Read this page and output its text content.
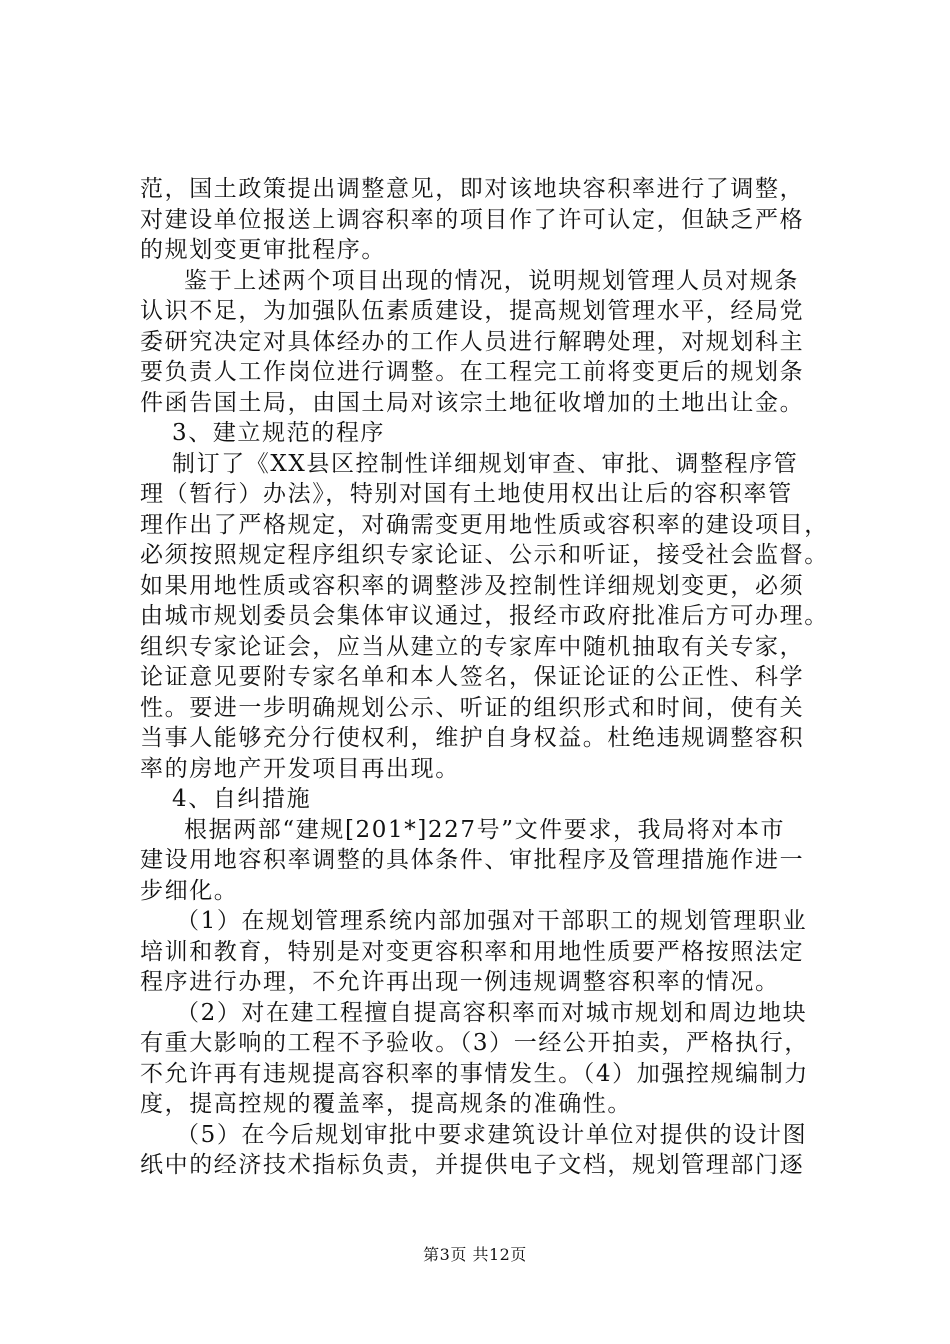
范，国土政策提出调整意见，即对该地块容积率进行了调整，
对建设单位报送上调容积率的项目作了许可认定，但缺乏严格
的规划变更审批程序。
鉴于上述两个项目出现的情况，说明规划管理人员对规条
认识不足，为加强队伍素质建设，提高规划管理水平，经局党
委研究决定对具体经办的工作人员进行解聘处理，对规划科主
要负责人工作岗位进行调整。在工程完工前将变更后的规划条
件函告国土局，由国土局对该宗土地征收增加的土地出让金。
3、建立规范的程序
制订了《XX县区控制性详细规划审查、审批、调整程序管
理（暂行）办法》，特别对国有土地使用权出让后的容积率管
理作出了严格规定，对确需变更用地性质或容积率的建设项目，
必须按照规定程序组织专家论证、公示和听证，接受社会监督。
如果用地性质或容积率的调整涉及控制性详细规划变更，必须
由城市规划委员会集体审议通过，报经市政府批准后方可办理。
组织专家论证会，应当从建立的专家库中随机抽取有关专家，
论证意见要附专家名单和本人签名，保证论证的公正性、科学
性。要进一步明确规划公示、听证的组织形式和时间，使有关
当事人能够充分行使权利，维护自身权益。杜绝违规调整容积
率的房地产开发项目再出现。
4、自纠措施
根据两部“建规[201*]227号”文件要求，我局将对本市
建设用地容积率调整的具体条件、审批程序及管理措施作进一
步细化。
（1）在规划管理系统内部加强对干部职工的规划管理职业
培训和教育，特别是对变更容积率和用地性质要严格按照法定
程序进行办理，不允许再出现一例违规调整容积率的情况。
（2）对在建工程擅自提高容积率而对城市规划和周边地块
有重大影响的工程不予验收。（3）一经公开拍卖，严格执行，
不允许再有违规提高容积率的事情发生。（4）加强控规编制力
度，提高控规的覆盖率，提高规条的准确性。
（5）在今后规划审批中要求建筑设计单位对提供的设计图
纸中的经济技术指标负责，并提供电子文档，规划管理部门逐
第3页 共12页
